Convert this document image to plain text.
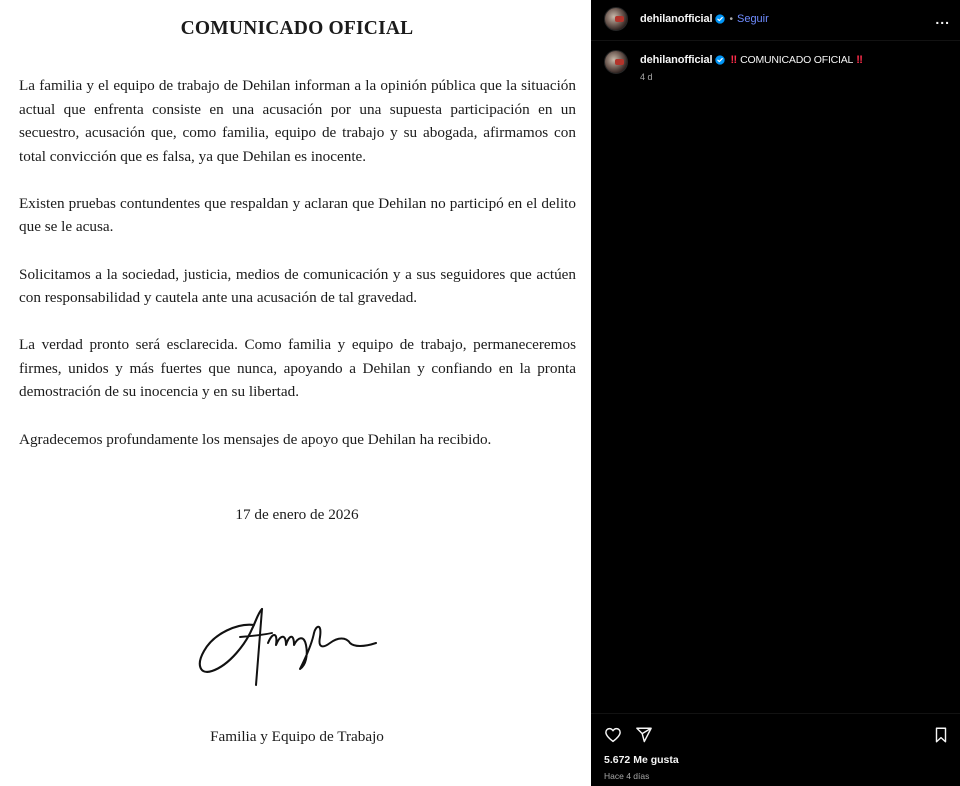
COMUNICADO OFICIAL

La familia y el equipo de trabajo de Dehilan informan a la opinión pública que la situación actual que enfrenta consiste en una acusación por una supuesta participación en un secuestro, acusación que, como familia, equipo de trabajo y su abogada, afirmamos con total convicción que es falsa, ya que Dehilan es inocente.

Existen pruebas contundentes que respaldan y aclaran que Dehilan no participó en el delito que se le acusa.

Solicitamos a la sociedad, justicia, medios de comunicación y a sus seguidores que actúen con responsabilidad y cautela ante una acusación de tal gravedad.

La verdad pronto será esclarecida. Como familia y equipo de trabajo, permaneceremos firmes, unidos y más fuertes que nunca, apoyando a Dehilan y confiando en la pronta demostración de su inocencia y en su libertad.

Agradecemos profundamente los mensajes de apoyo que Dehilan ha recibido.

17 de enero de 2026
Familia y Equipo de Trabajo
dehilanofficial • Seguir	...
dehilanofficial ‼ COMUNICADO OFICIAL ‼
4 d
5.672 Me gusta
Hace 4 días
